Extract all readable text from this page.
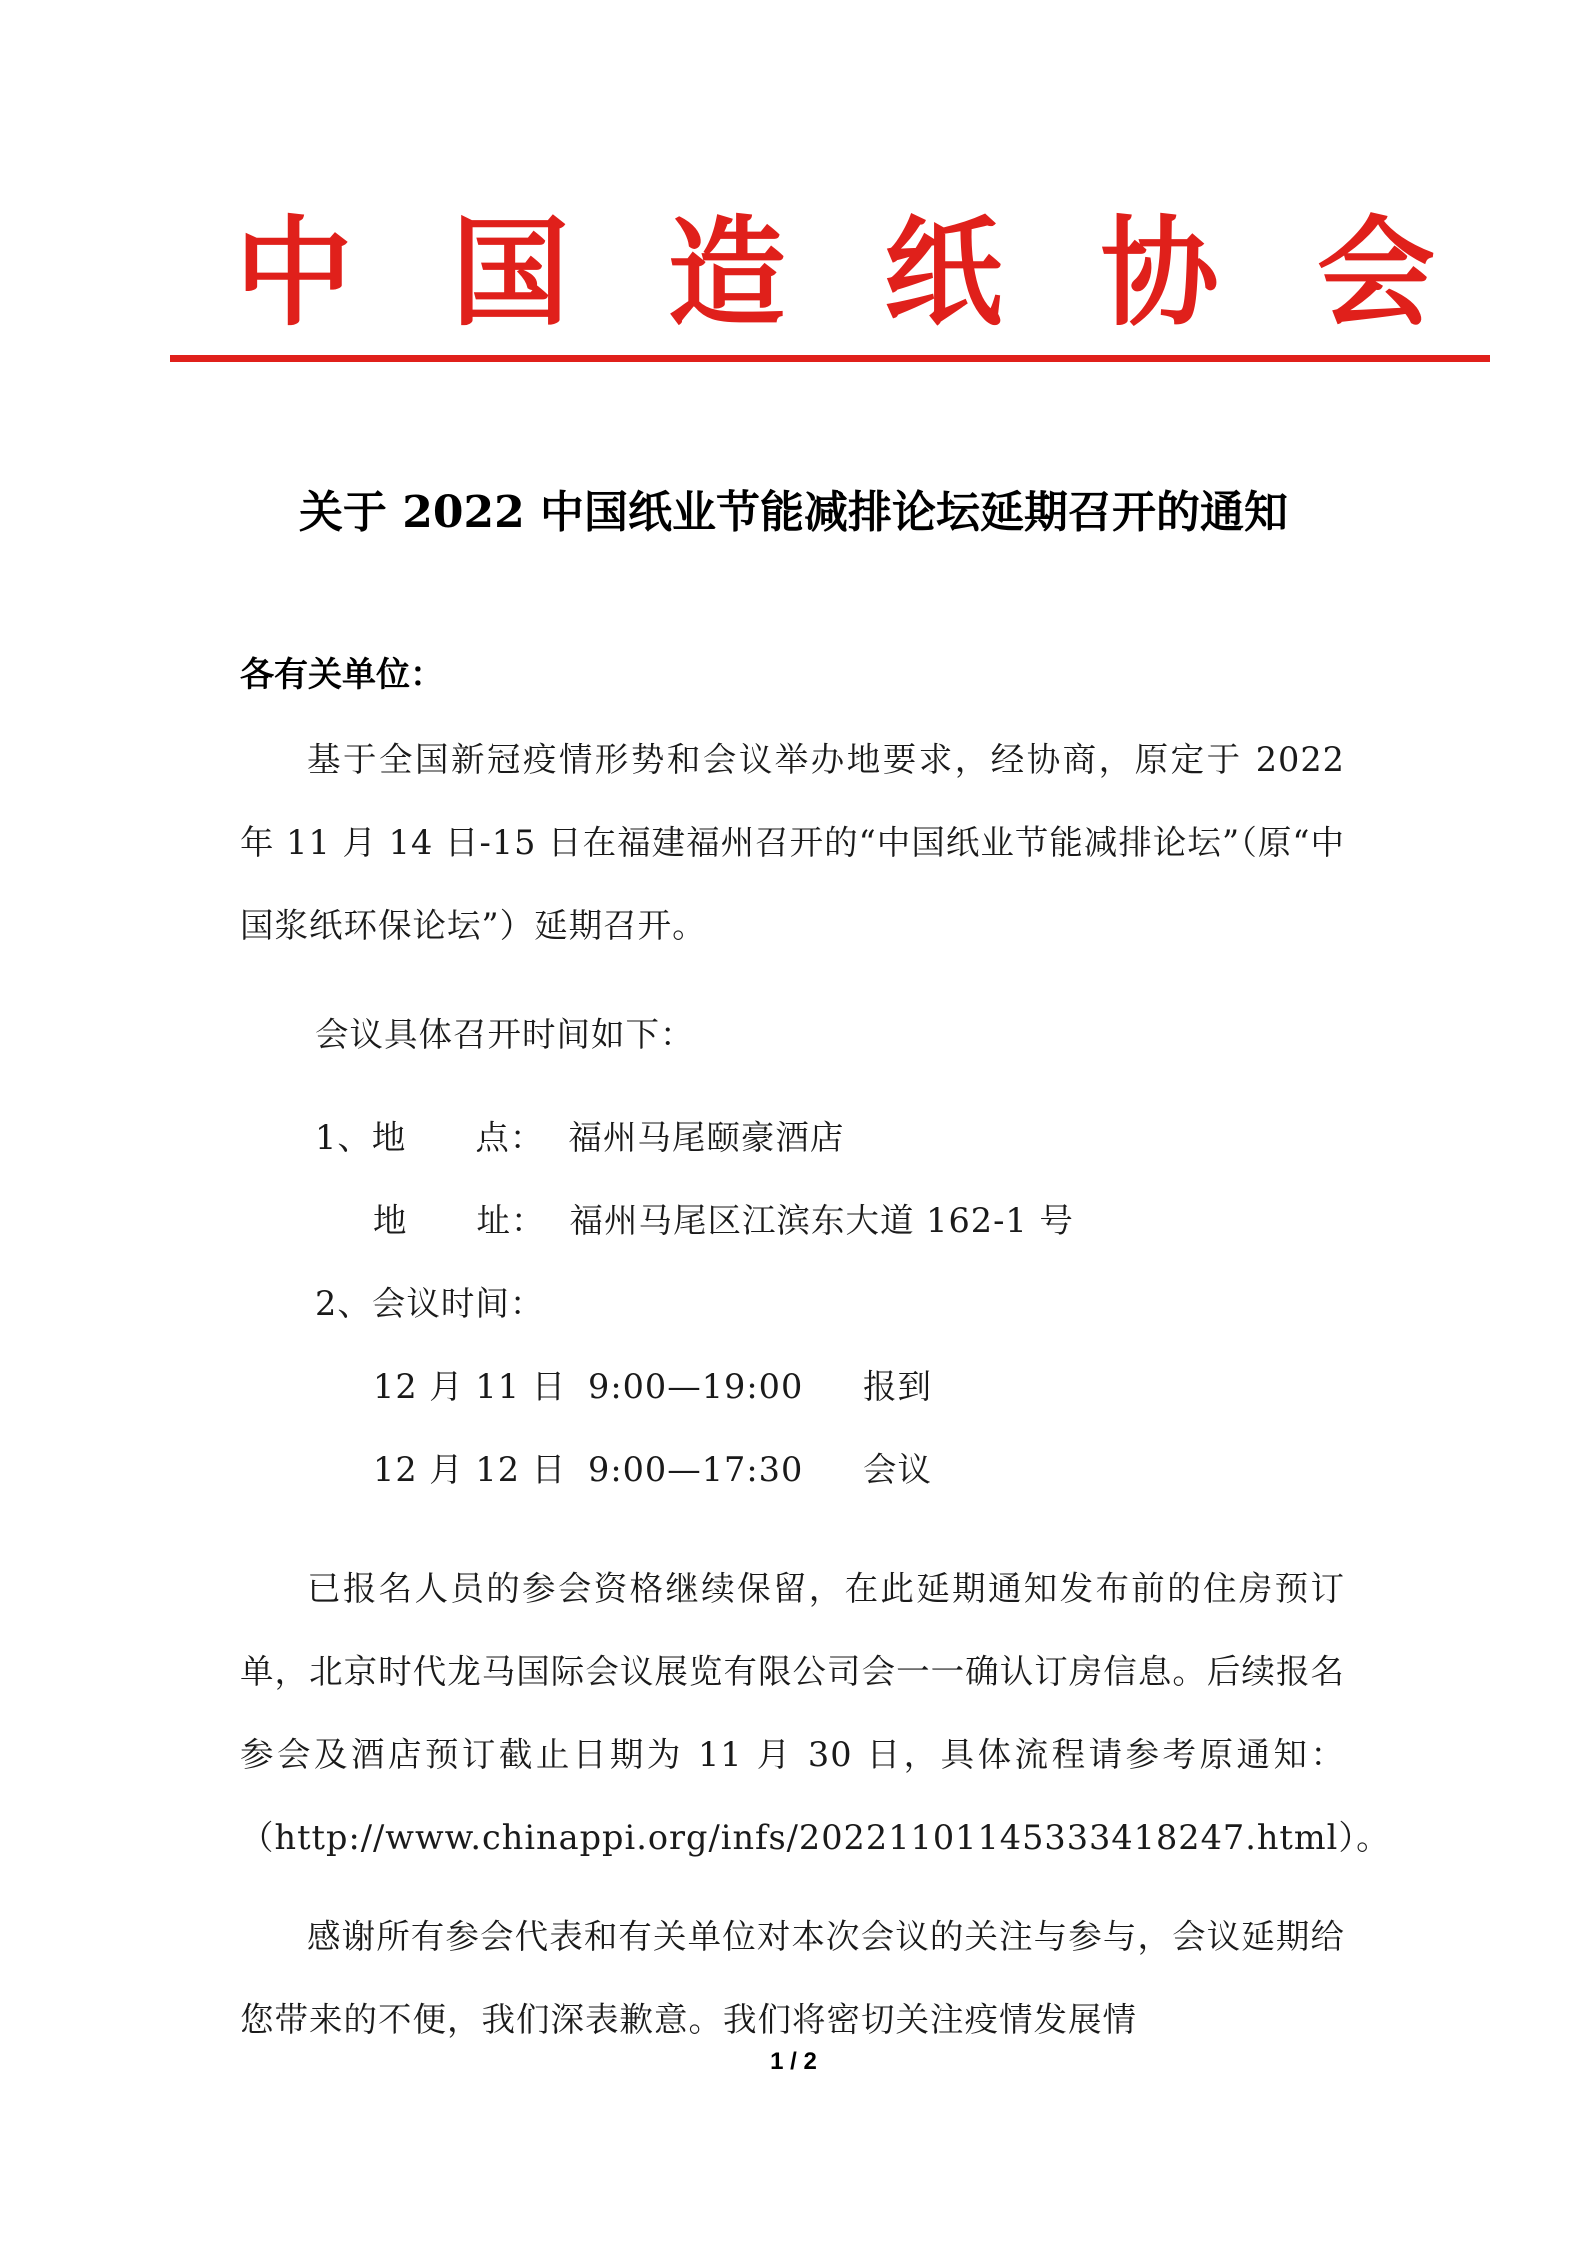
中 国 造 纸 协 会
关于 2022 中国纸业节能减排论坛延期召开的通知
各有关单位：
基于全国新冠疫情形势和会议举办地要求，经协商，原定于 2022 年 11 月 14 日-15 日在福建福州召开的“中国纸业节能减排论坛”（原“中国浆纸环保论坛”）延期召开。
会议具体召开时间如下：
1、地　　点： 福州马尾颐豪酒店
地　　址： 福州马尾区江滨东大道 162-1 号
2、会议时间：
12 月 11 日 9:00—19:00 报到
12 月 12 日 9:00—17:30 会议
已报名人员的参会资格继续保留，在此延期通知发布前的住房预订单，北京时代龙马国际会议展览有限公司会一一确认订房信息。后续报名参会及酒店预订截止日期为 11 月 30 日，具体流程请参考原通知：（http://www.chinappi.org/infs/20221101145333418247.html）。
感谢所有参会代表和有关单位对本次会议的关注与参与，会议延期给您带来的不便，我们深表歉意。我们将密切关注疫情发展情
1 / 2
